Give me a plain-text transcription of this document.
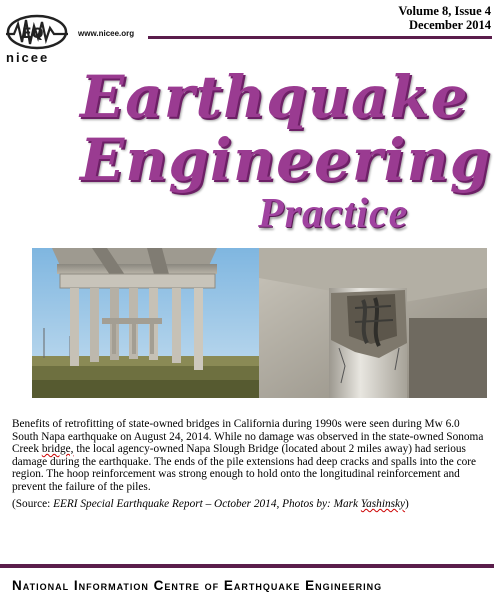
EQ
nicee
www.nicee.org
Volume 8, Issue 4
December 2014
Earthquake
Engineering
Practice
Benefits of retrofitting of state-owned bridges in California during 1990s were seen during Mw 6.0 South Napa earthquake on August 24, 2014. While no damage was observed in the state-owned Sonoma Creek bridge, the local agency-owned Napa Slough Bridge (located about 2 miles away) had serious damage during the earthquake. The ends of the pile extensions had deep cracks and spalls into the core region. The hoop reinforcement was strong enough to hold onto the longitudinal reinforcement and prevent the failure of the piles.
(Source: EERI Special Earthquake Report – October 2014, Photos by: Mark Yashinsky)
National Information Centre of Earthquake Engineering
